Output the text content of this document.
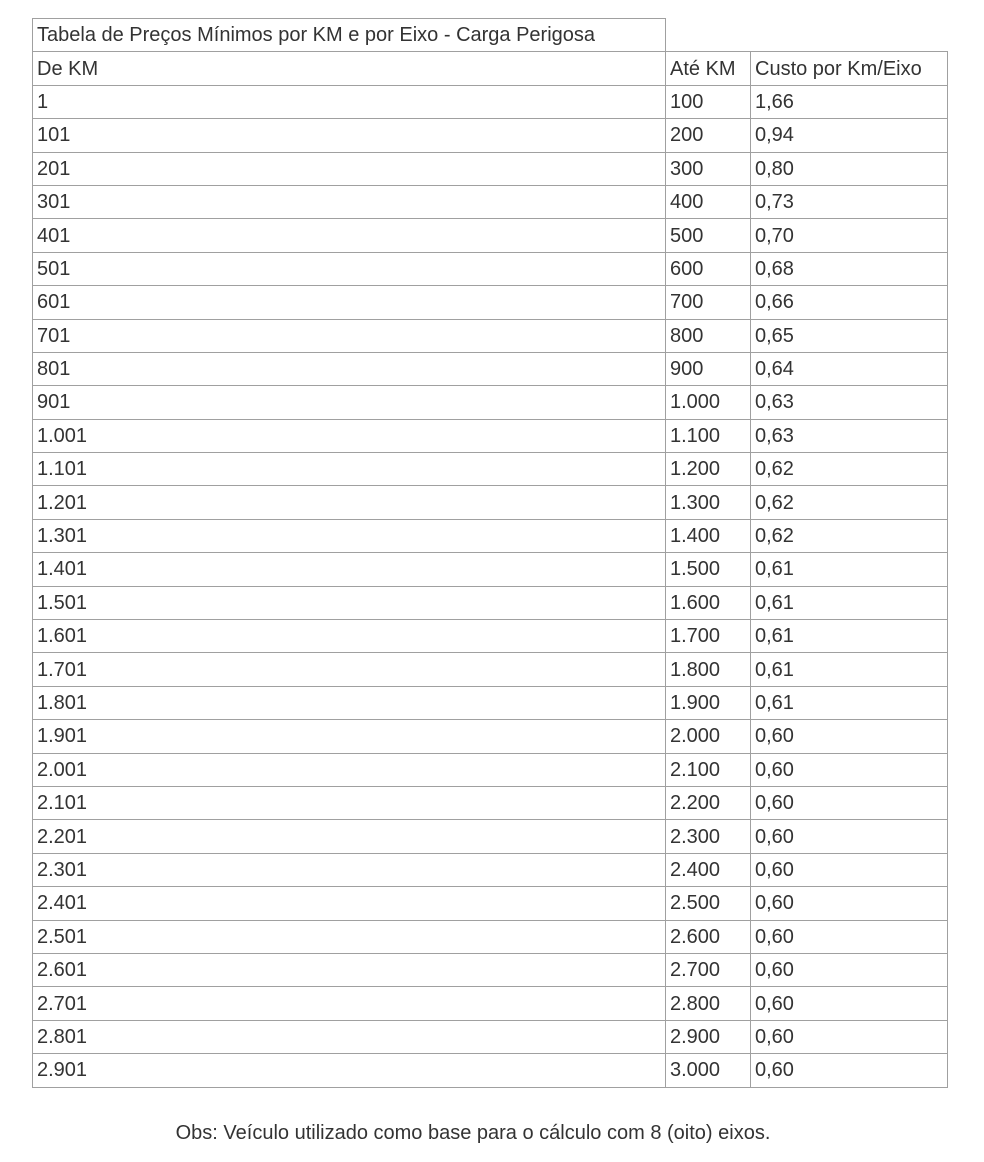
Tabela de Preços Mínimos por KM e por Eixo - Carga Perigosa		
De KM	Até KM	Custo por Km/Eixo
1	100	1,66
101	200	0,94
201	300	0,80
301	400	0,73
401	500	0,70
501	600	0,68
601	700	0,66
701	800	0,65
801	900	0,64
901	1.000	0,63
1.001	1.100	0,63
1.101	1.200	0,62
1.201	1.300	0,62
1.301	1.400	0,62
1.401	1.500	0,61
1.501	1.600	0,61
1.601	1.700	0,61
1.701	1.800	0,61
1.801	1.900	0,61
1.901	2.000	0,60
2.001	2.100	0,60
2.101	2.200	0,60
2.201	2.300	0,60
2.301	2.400	0,60
2.401	2.500	0,60
2.501	2.600	0,60
2.601	2.700	0,60
2.701	2.800	0,60
2.801	2.900	0,60
2.901	3.000	0,60
Obs: Veículo utilizado como base para o cálculo com 8 (oito) eixos.
